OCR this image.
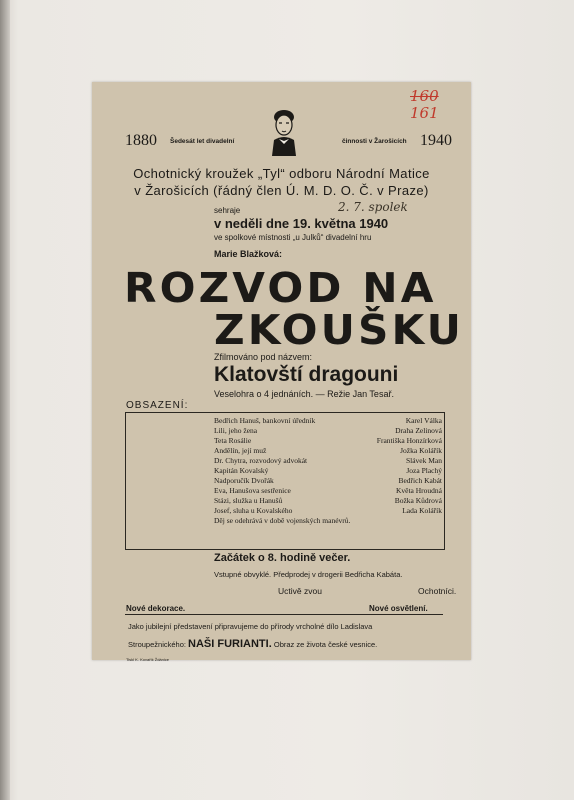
160
161
1880 Šedesát let divadelní	činnosti v Žarošicích 1940
Ochotnický kroužek „Tyl“ odboru Národní Matice
v Žarošicích (řádný člen Ú. M. D. O. Č. v Praze)
sehraje
v neděli dne 19. května 1940
2. 7. spolek
ve spolkové místnosti „u Julků“ divadelní hru
Marie Blažková:
ROZVOD NA
ZKOUŠKU
Zfilmováno pod názvem:
Klatovští dragouni
Veselohra o 4 jednáních. — Režie Jan Tesař.
OBSAZENÍ:
Bedřich Hanuš, bankovní úředník	Karel Válka
Lili, jeho žena	Draha Zelinová
Teta Rosálie	Františka Honzírková
Andělín, její muž	Jožka Kolářík
Dr. Chytra, rozvodový advokát	Slávek Man
Kapitán Kovalský	Joza Plachý
Nadporučík Dvořák	Bedřich Kabát
Eva, Hanušova sestřenice	Květa Hroudná
Stázi, služka u Hanušů	Božka Kůdrová
Josef, sluha u Kovalského	Lada Kolářík
Děj se odehrává v době vojenských manévrů.
Začátek o 8. hodině večer.
Vstupné obvyklé. Předprodej v drogerii Bedřicha Kabáta.
Uctivě zvou	Ochotníci.
Nové dekorace.	Nové osvětlení.
Jako jubilejní představení připravujeme do přírody vrcholné dílo Ladislava
Stroupežnického: NAŠI FURIANTI. Obraz ze života české vesnice.
Tiskl K. Kovařík Ždánice
